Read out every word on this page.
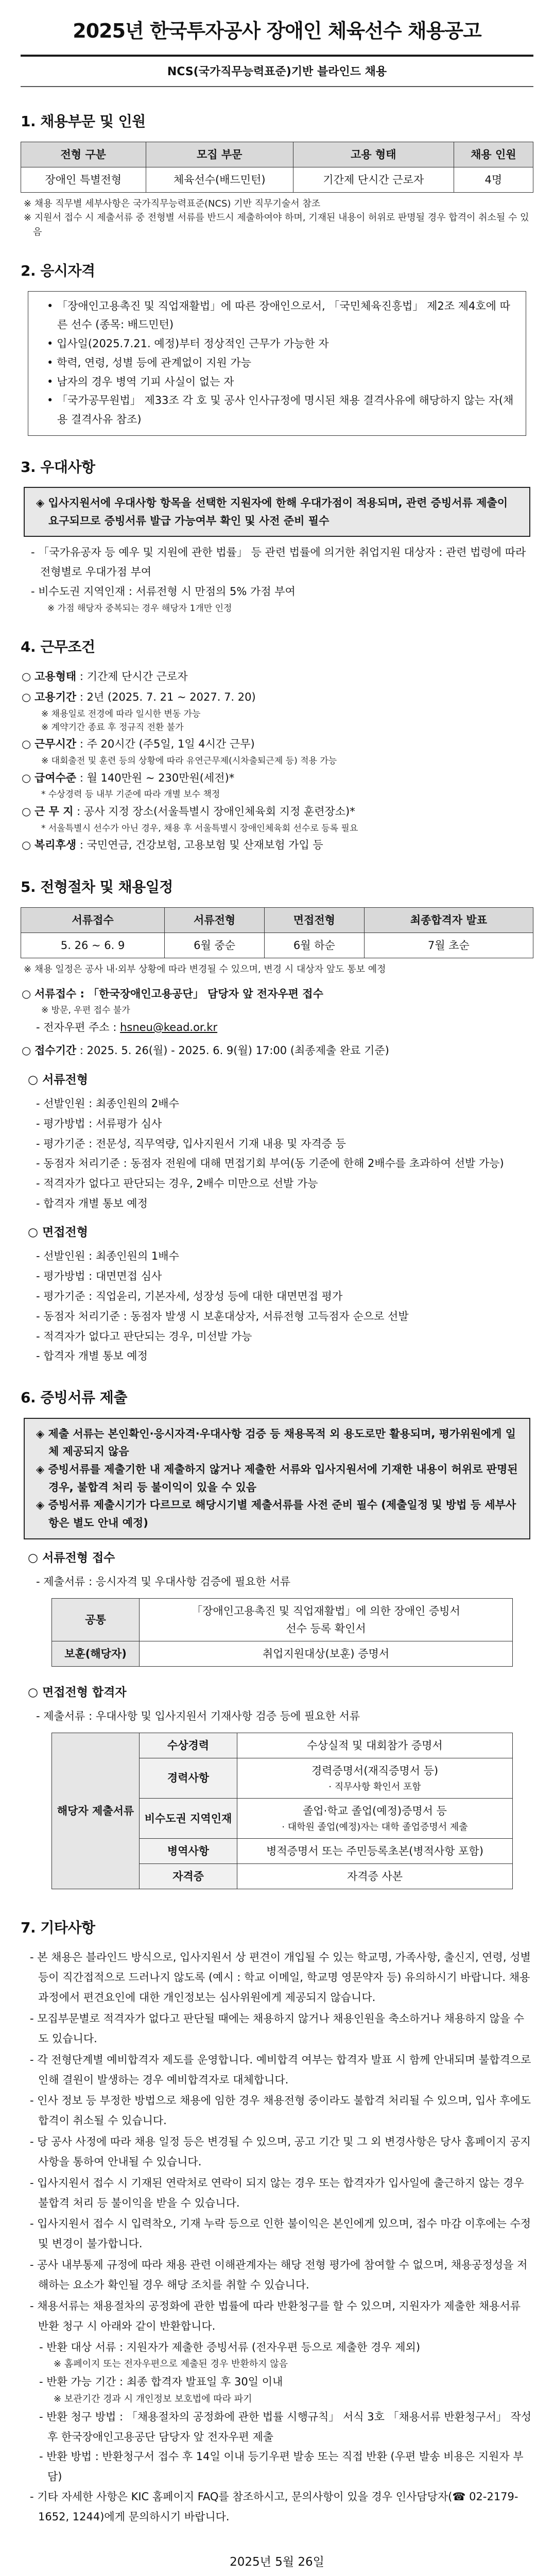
2025년 한국투자공사 장애인 체육선수 채용공고
NCS(국가직무능력표준)기반 블라인드 채용
1. 채용부문 및 인원
전형 구분	모집 부문	고용 형태	채용 인원
장애인 특별전형	체육선수(배드민턴)	기간제 단시간 근로자	4명
※ 채용 직무별 세부사항은 국가직무능력표준(NCS) 기반 직무기술서 참조
※ 지원서 접수 시 제출서류 중 전형별 서류를 반드시 제출하여야 하며, 기재된 내용이 허위로 판명될 경우 합격이 취소될 수 있음
2. 응시자격
• 「장애인고용촉진 및 직업재활법」에 따른 장애인으로서, 「국민체육진흥법」 제2조 제4호에 따른 선수 (종목: 배드민턴)
• 입사일(2025.7.21. 예정)부터 정상적인 근무가 가능한 자
• 학력, 연령, 성별 등에 관계없이 지원 가능
• 남자의 경우 병역 기피 사실이 없는 자
• 「국가공무원법」 제33조 각 호 및 공사 인사규정에 명시된 채용 결격사유에 해당하지 않는 자(채용 결격사유 참조)
3. 우대사항
◈ 입사지원서에 우대사항 항목을 선택한 지원자에 한해 우대가점이 적용되며, 관련 증빙서류 제출이 요구되므로 증빙서류 발급 가능여부 확인 및 사전 준비 필수
- 「국가유공자 등 예우 및 지원에 관한 법률」 등 관련 법률에 의거한 취업지원 대상자 : 관련 법령에 따라 전형별로 우대가점 부여
- 비수도권 지역인재 : 서류전형 시 만점의 5% 가점 부여
※ 가점 해당자 중복되는 경우 해당자 1개만 인정
4. 근무조건
○ 고용형태 : 기간제 단시간 근로자
○ 고용기간 : 2년 (2025. 7. 21 ~ 2027. 7. 20)
※ 채용일로 전경에 따라 일시한 변동 가능
※ 계약기간 종료 후 정규직 전환 불가
○ 근무시간 : 주 20시간 (주5일, 1일 4시간 근무)
※ 대회출전 및 훈련 등의 상황에 따라 유연근무제(시차출퇴근제 등) 적용 가능
○ 급여수준 : 월 140만원 ~ 230만원(세전)*
* 수상경력 등 내부 기준에 따라 개별 보수 책정
○ 근 무 지 : 공사 지정 장소(서울특별시 장애인체육회 지정 훈련장소)*
* 서울특별시 선수가 아닌 경우, 채용 후 서울특별시 장애인체육회 선수로 등록 필요
○ 복리후생 : 국민연금, 건강보험, 고용보험 및 산재보험 가입 등
5. 전형절차 및 채용일정
서류접수	서류전형	면접전형	최종합격자 발표
5. 26 ~ 6. 9	6월 중순	6월 하순	7월 초순
※ 채용 일정은 공사 내·외부 상황에 따라 변경될 수 있으며, 변경 시 대상자 앞도 통보 예정
○ 서류접수 : 「한국장애인고용공단」 담당자 앞 전자우편 접수
※ 방문, 우편 접수 불가
- 전자우편 주소 : hsneu@kead.or.kr
○ 접수기간 : 2025. 5. 26(월) - 2025. 6. 9(월) 17:00 (최종제출 완료 기준)
○ 서류전형
- 선발인원 : 최종인원의 2배수
- 평가방법 : 서류평가 심사
- 평가기준 : 전문성, 직무역량, 입사지원서 기재 내용 및 자격증 등
- 동점자 처리기준 : 동점자 전원에 대해 면접기회 부여(동 기준에 한해 2배수를 초과하여 선발 가능)
- 적격자가 없다고 판단되는 경우, 2배수 미만으로 선발 가능
- 합격자 개별 통보 예정
○ 면접전형
- 선발인원 : 최종인원의 1배수
- 평가방법 : 대면면접 심사
- 평가기준 : 직업윤리, 기본자세, 성장성 등에 대한 대면면접 평가
- 동점자 처리기준 : 동점자 발생 시 보훈대상자, 서류전형 고득점자 순으로 선발
- 적격자가 없다고 판단되는 경우, 미선발 가능
- 합격자 개별 통보 예정
6. 증빙서류 제출
◈ 제출 서류는 본인확인·응시자격·우대사항 검증 등 채용목적 외 용도로만 활용되며, 평가위원에게 일체 제공되지 않음
◈ 증빙서류를 제출기한 내 제출하지 않거나 제출한 서류와 입사지원서에 기재한 내용이 허위로 판명된 경우, 불합격 처리 등 불이익이 있을 수 있음
◈ 증빙서류 제출시기가 다르므로 해당시기별 제출서류를 사전 준비 필수 (제출일정 및 방법 등 세부사항은 별도 안내 예정)
○ 서류전형 접수
- 제출서류 : 응시자격 및 우대사항 검증에 필요한 서류
공통	「장애인고용촉진 및 직업재활법」에 의한 장애인 증빙서
선수 등록 확인서

보훈(해당자)	취업지원대상(보훈) 증명서
○ 면접전형 합격자
- 제출서류 : 우대사항 및 입사지원서 기재사항 검증 등에 필요한 서류
해당자 제출서류	수상경력	수상실적 및 대회참가 증명서
	경력사항	경력증명서(재직증명서 등)
· 직무사항 확인서 포함

	비수도권 지역인재	졸업·학교 졸업(예정)증명서 등
· 대학원 졸업(예정)자는 대학 졸업증명서 제출

	병역사항	병적증명서 또는 주민등록초본(병적사항 포함)
	자격증	자격증 사본
7. 기타사항
- 본 채용은 블라인드 방식으로, 입사지원서 상 편견이 개입될 수 있는 학교명, 가족사항, 출신지, 연령, 성별 등이 직간접적으로 드러나지 않도록 (예시 : 학교 이메일, 학교명 영문약자 등) 유의하시기 바랍니다. 채용 과정에서 편견요인에 대한 개인정보는 심사위원에게 제공되지 않습니다.
- 모집부문별로 적격자가 없다고 판단될 때에는 채용하지 않거나 채용인원을 축소하거나 채용하지 않을 수도 있습니다.
- 각 전형단계별 예비합격자 제도를 운영합니다. 예비합격 여부는 합격자 발표 시 함께 안내되며 불합격으로 인해 결원이 발생하는 경우 예비합격자로 대체합니다.
- 인사 정보 등 부정한 방법으로 채용에 임한 경우 채용전형 중이라도 불합격 처리될 수 있으며, 입사 후에도 합격이 취소될 수 있습니다.
- 당 공사 사정에 따라 채용 일정 등은 변경될 수 있으며, 공고 기간 및 그 외 변경사항은 당사 홈페이지 공지사항을 통하여 안내될 수 있습니다.
- 입사지원서 접수 시 기재된 연락처로 연락이 되지 않는 경우 또는 합격자가 입사일에 출근하지 않는 경우 불합격 처리 등 불이익을 받을 수 있습니다.
- 입사지원서 접수 시 입력착오, 기재 누락 등으로 인한 불이익은 본인에게 있으며, 접수 마감 이후에는 수정 및 변경이 불가합니다.
- 공사 내부통제 규정에 따라 채용 관련 이해관계자는 해당 전형 평가에 참여할 수 없으며, 채용공정성을 저해하는 요소가 확인될 경우 해당 조치를 취할 수 있습니다.
- 채용서류는 채용절차의 공정화에 관한 법률에 따라 반환청구를 할 수 있으며, 지원자가 제출한 채용서류 반환 청구 시 아래와 같이 반환합니다.
- 반환 대상 서류 : 지원자가 제출한 증빙서류 (전자우편 등으로 제출한 경우 제외)
※ 홈페이지 또는 전자우편으로 제출된 경우 반환하지 않음
- 반환 가능 기간 : 최종 합격자 발표일 후 30일 이내
※ 보관기간 경과 시 개인정보 보호법에 따라 파기
- 반환 청구 방법 : 「채용절차의 공정화에 관한 법률 시행규칙」 서식 3호 「채용서류 반환청구서」 작성 후 한국장애인고용공단 담당자 앞 전자우편 제출
- 반환 방법 : 반환청구서 접수 후 14일 이내 등기우편 발송 또는 직접 반환 (우편 발송 비용은 지원자 부담)
- 기타 자세한 사항은 KIC 홈페이지 FAQ를 참조하시고, 문의사항이 있을 경우 인사담당자(☎ 02-2179-1652, 1244)에게 문의하시기 바랍니다.
2025년 5월 26일
